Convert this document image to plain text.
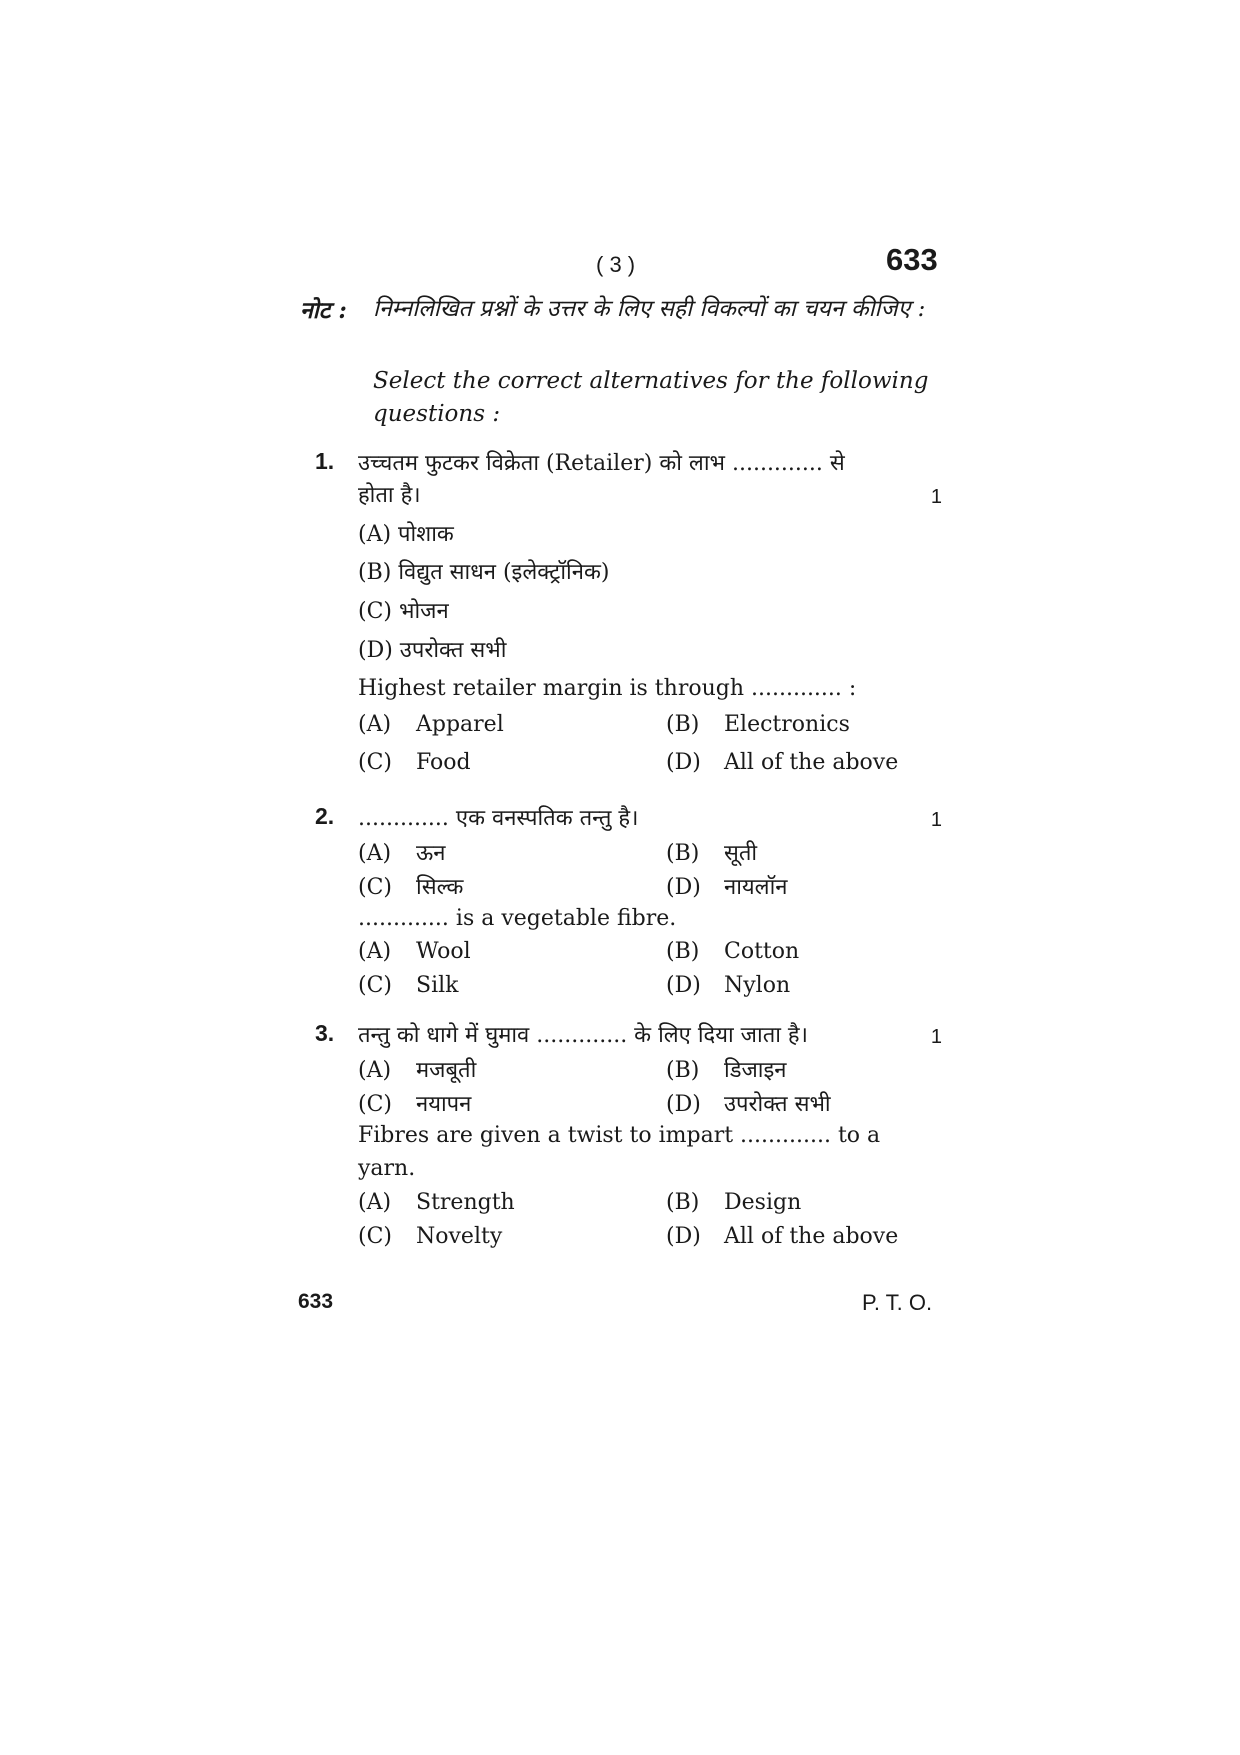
( 3 )	633
नोट : निम्नलिखित प्रश्नों के उत्तर के लिए सही विकल्पों का चयन कीजिए :
Select the correct alternatives for the following questions :
1. उच्चतम फुटकर विक्रेता (Retailer) को लाभ ............. से
होता है।	1
(A) पोशाक
(B) विद्युत साधन (इलेक्ट्रॉनिक)
(C) भोजन
(D) उपरोक्त सभी
Highest retailer margin is through ............. :
(A) Apparel	(B) Electronics
(C) Food	(D) All of the above
2. ............. एक वनस्पतिक तन्तु है।	1
(A) ऊन	(B) सूती
(C) सिल्क	(D) नायलॉन
............. is a vegetable fibre.
(A) Wool	(B) Cotton
(C) Silk	(D) Nylon
3. तन्तु को धागे में घुमाव ............. के लिए दिया जाता है।	1
(A) मजबूती	(B) डिजाइन
(C) नयापन	(D) उपरोक्त सभी
Fibres are given a twist to impart ............. to a
yarn.
(A) Strength	(B) Design
(C) Novelty	(D) All of the above
633	P. T. O.
